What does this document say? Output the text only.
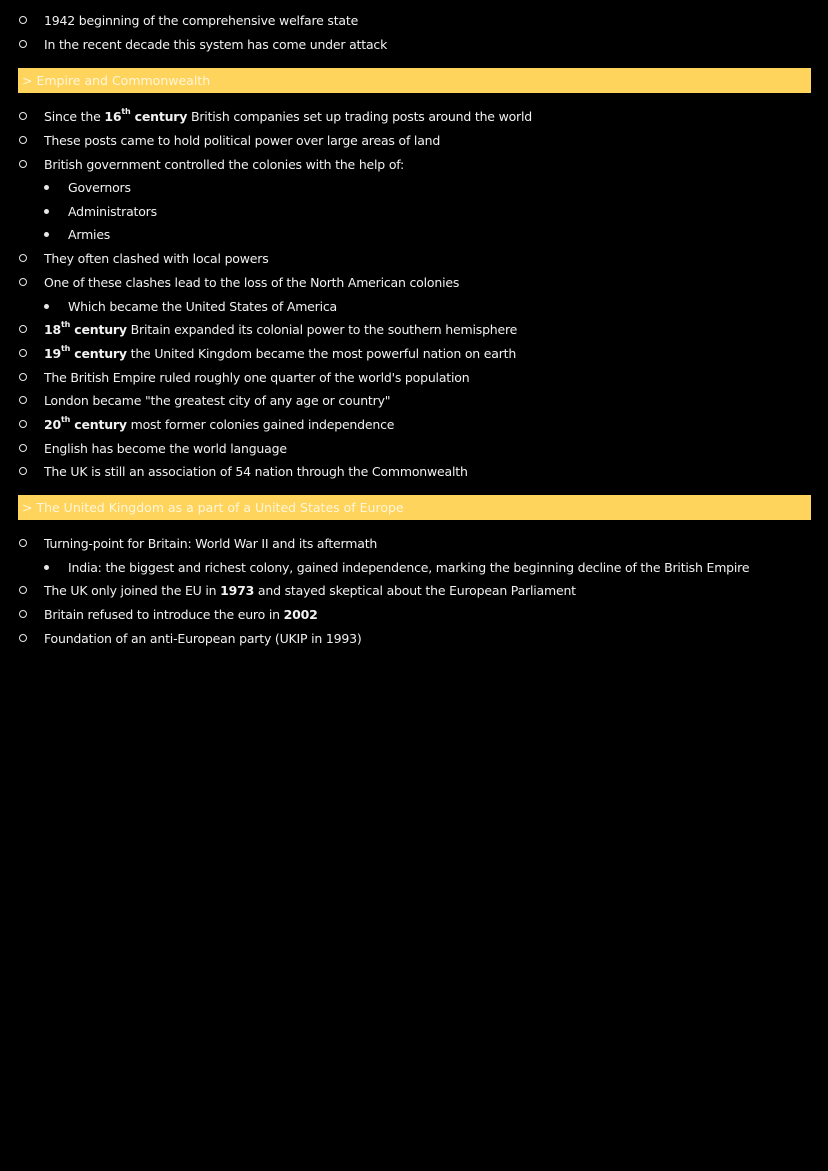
1942 beginning of the comprehensive welfare state
In the recent decade this system has come under attack
> Empire and Commonwealth
Since the 16th century British companies set up trading posts around the world
These posts came to hold political power over large areas of land
British government controlled the colonies with the help of:
Governors
Administrators
Armies
They often clashed with local powers
One of these clashes lead to the loss of the North American colonies
Which became the United States of America
18th century Britain expanded its colonial power to the southern hemisphere
19th century the United Kingdom became the most powerful nation on earth
The British Empire ruled roughly one quarter of the world's population
London became "the greatest city of any age or country"
20th century most former colonies gained independence
English has become the world language
The UK is still an association of 54 nation through the Commonwealth
> The United Kingdom as a part of a United States of Europe
Turning-point for Britain: World War II and its aftermath
India: the biggest and richest colony, gained independence, marking the beginning decline of the British Empire
The UK only joined the EU in 1973 and stayed skeptical about the European Parliament
Britain refused to introduce the euro in 2002
Foundation of an anti-European party (UKIP in 1993)
